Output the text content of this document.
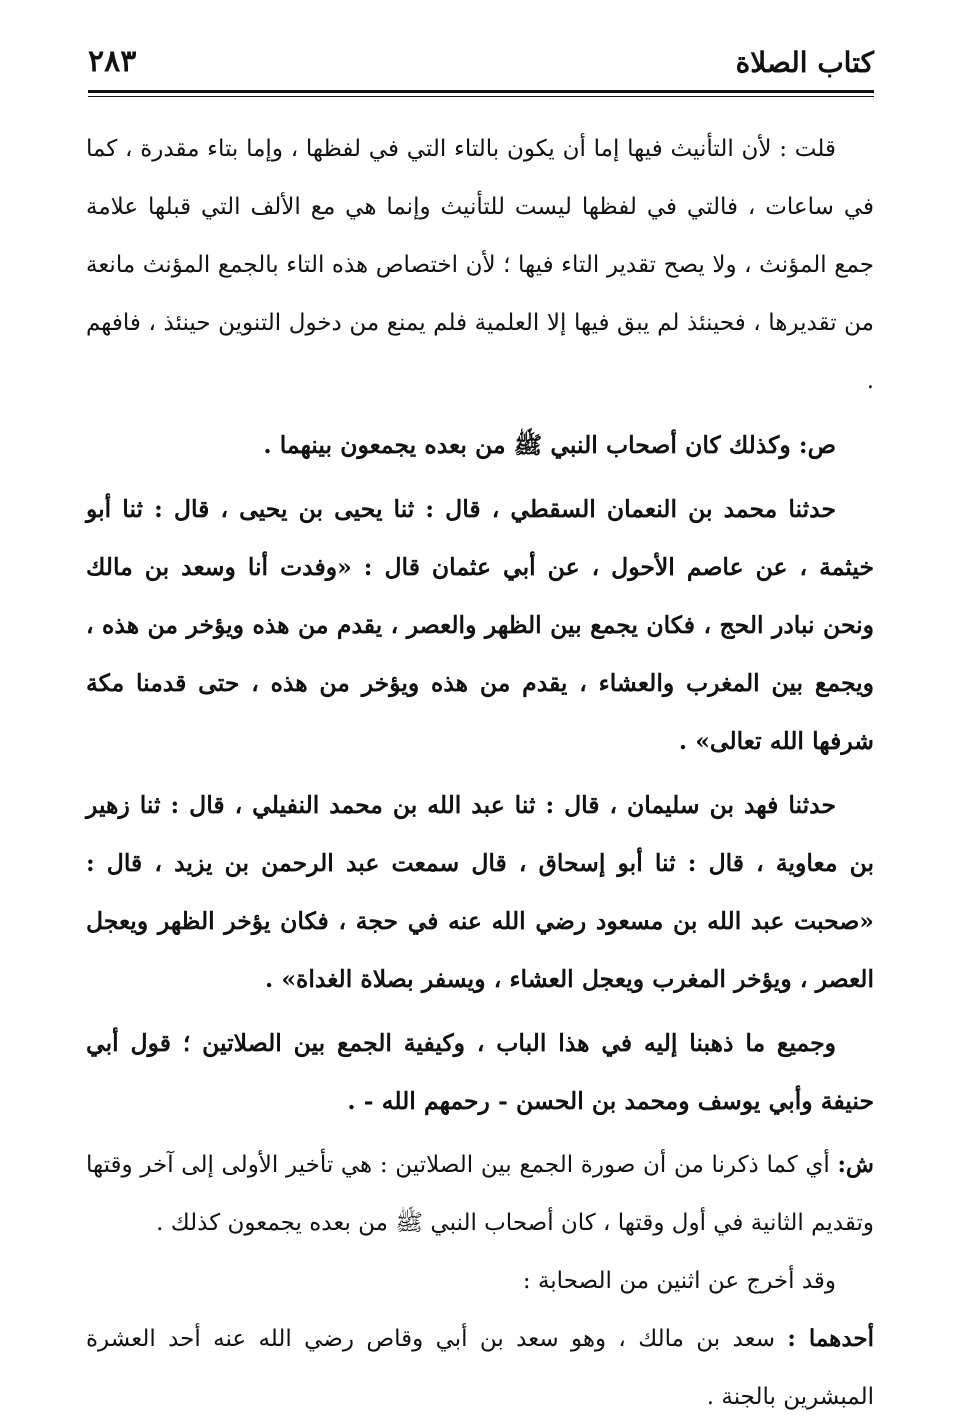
كتاب الصلاة
٢٨٣

قلت : لأن التأنيث فيها إما أن يكون بالتاء التي في لفظها ، وإما بتاء مقدرة ، كما في ساعات ، فالتي في لفظها ليست للتأنيث وإنما هي مع الألف التي قبلها علامة جمع المؤنث ، ولا يصح تقدير التاء فيها ؛ لأن اختصاص هذه التاء بالجمع المؤنث مانعة من تقديرها ، فحينئذ لم يبق فيها إلا العلمية فلم يمنع من دخول التنوين حينئذ ، فافهم .

ص: وكذلك كان أصحاب النبي ﷺ من بعده يجمعون بينهما .

حدثنا محمد بن النعمان السقطي ، قال : ثنا يحيى بن يحيى ، قال : ثنا أبو خيثمة ، عن عاصم الأحول ، عن أبي عثمان قال : «وفدت أنا وسعد بن مالك ونحن نبادر الحج ، فكان يجمع بين الظهر والعصر ، يقدم من هذه ويؤخر من هذه ، ويجمع بين المغرب والعشاء ، يقدم من هذه ويؤخر من هذه ، حتى قدمنا مكة شرفها الله تعالى» .

حدثنا فهد بن سليمان ، قال : ثنا عبد الله بن محمد النفيلي ، قال : ثنا زهير بن معاوية ، قال : ثنا أبو إسحاق ، قال سمعت عبد الرحمن بن يزيد ، قال : «صحبت عبد الله بن مسعود رضي الله عنه في حجة ، فكان يؤخر الظهر ويعجل العصر ، ويؤخر المغرب ويعجل العشاء ، ويسفر بصلاة الغداة» .

وجميع ما ذهبنا إليه في هذا الباب ، وكيفية الجمع بين الصلاتين ؛ قول أبي حنيفة وأبي يوسف ومحمد بن الحسن - رحمهم الله - .

ش: أي كما ذكرنا من أن صورة الجمع بين الصلاتين : هي تأخير الأولى إلى آخر وقتها وتقديم الثانية في أول وقتها ، كان أصحاب النبي ﷺ من بعده يجمعون كذلك .

وقد أخرج عن اثنين من الصحابة :

أحدهما : سعد بن مالك ، وهو سعد بن أبي وقاص رضي الله عنه أحد العشرة المبشرين بالجنة .
